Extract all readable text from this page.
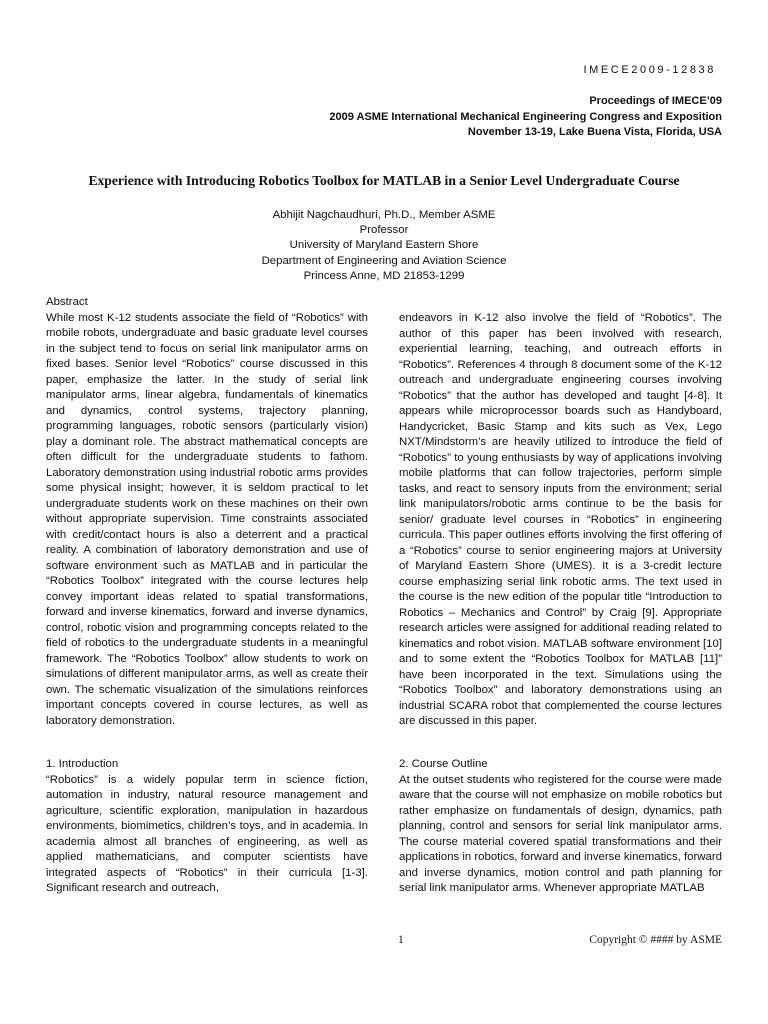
IMECE2009-12838
Proceedings of IMECE’09
2009 ASME International Mechanical Engineering Congress and Exposition
November 13-19, Lake Buena Vista, Florida, USA
Experience with Introducing Robotics Toolbox for MATLAB in a Senior Level Undergraduate Course
Abhijit Nagchaudhuri, Ph.D., Member ASME
Professor
University of Maryland Eastern Shore
Department of Engineering and Aviation Science
Princess Anne, MD 21853-1299
Abstract

While most K-12 students associate the field of “Robotics” with mobile robots, undergraduate and basic graduate level courses in the subject tend to focus on serial link manipulator arms on fixed bases. Senior level “Robotics” course discussed in this paper, emphasize the latter. In the study of serial link manipulator arms, linear algebra, fundamentals of kinematics and dynamics, control systems, trajectory planning, programming languages, robotic sensors (particularly vision) play a dominant role. The abstract mathematical concepts are often difficult for the undergraduate students to fathom. Laboratory demonstration using industrial robotic arms provides some physical insight; however, it is seldom practical to let undergraduate students work on these machines on their own without appropriate supervision. Time constraints associated with credit/contact hours is also a deterrent and a practical reality. A combination of laboratory demonstration and use of software environment such as MATLAB and in particular the “Robotics Toolbox” integrated with the course lectures help convey important ideas related to spatial transformations, forward and inverse kinematics, forward and inverse dynamics, control, robotic vision and programming concepts related to the field of robotics to the undergraduate students in a meaningful framework. The “Robotics Toolbox” allow students to work on simulations of different manipulator arms, as well as create their own. The schematic visualization of the simulations reinforces important concepts covered in course lectures, as well as laboratory demonstration.

1. Introduction

“Robotics” is a widely popular term in science fiction, automation in industry, natural resource management and agriculture, scientific exploration, manipulation in hazardous environments, biomimetics, children’s toys, and in academia. In academia almost all branches of engineering, as well as applied mathematicians, and computer scientists have integrated aspects of “Robotics” in their curricula [1-3]. Significant research and outreach,

endeavors in K-12 also involve the field of “Robotics”. The author of this paper has been involved with research, experiential learning, teaching, and outreach efforts in “Robotics”. References 4 through 8 document some of the K-12 outreach and undergraduate engineering courses involving “Robotics” that the author has developed and taught [4-8]. It appears while microprocessor boards such as Handyboard, Handycricket, Basic Stamp and kits such as Vex, Lego NXT/Mindstorm’s are heavily utilized to introduce the field of “Robotics” to young enthusiasts by way of applications involving mobile platforms that can follow trajectories, perform simple tasks, and react to sensory inputs from the environment; serial link manipulators/robotic arms continue to be the basis for senior/ graduate level courses in “Robotics” in engineering curricula. This paper outlines efforts involving the first offering of a “Robotics” course to senior engineering majors at University of Maryland Eastern Shore (UMES). It is a 3-credit lecture course emphasizing serial link robotic arms. The text used in the course is the new edition of the popular title “Introduction to Robotics – Mechanics and Control” by Craig [9]. Appropriate research articles were assigned for additional reading related to kinematics and robot vision. MATLAB software environment [10] and to some extent the “Robotics Toolbox for MATLAB [11]” have been incorporated in the text. Simulations using the “Robotics Toolbox” and laboratory demonstrations using an industrial SCARA robot that complemented the course lectures are discussed in this paper.

2. Course Outline

At the outset students who registered for the course were made aware that the course will not emphasize on mobile robotics but rather emphasize on fundamentals of design, dynamics, path planning, control and sensors for serial link manipulator arms. The course material covered spatial transformations and their applications in robotics, forward and inverse kinematics, forward and inverse dynamics, motion control and path planning for serial link manipulator arms. Whenever appropriate MATLAB

1	Copyright © #### by ASME
